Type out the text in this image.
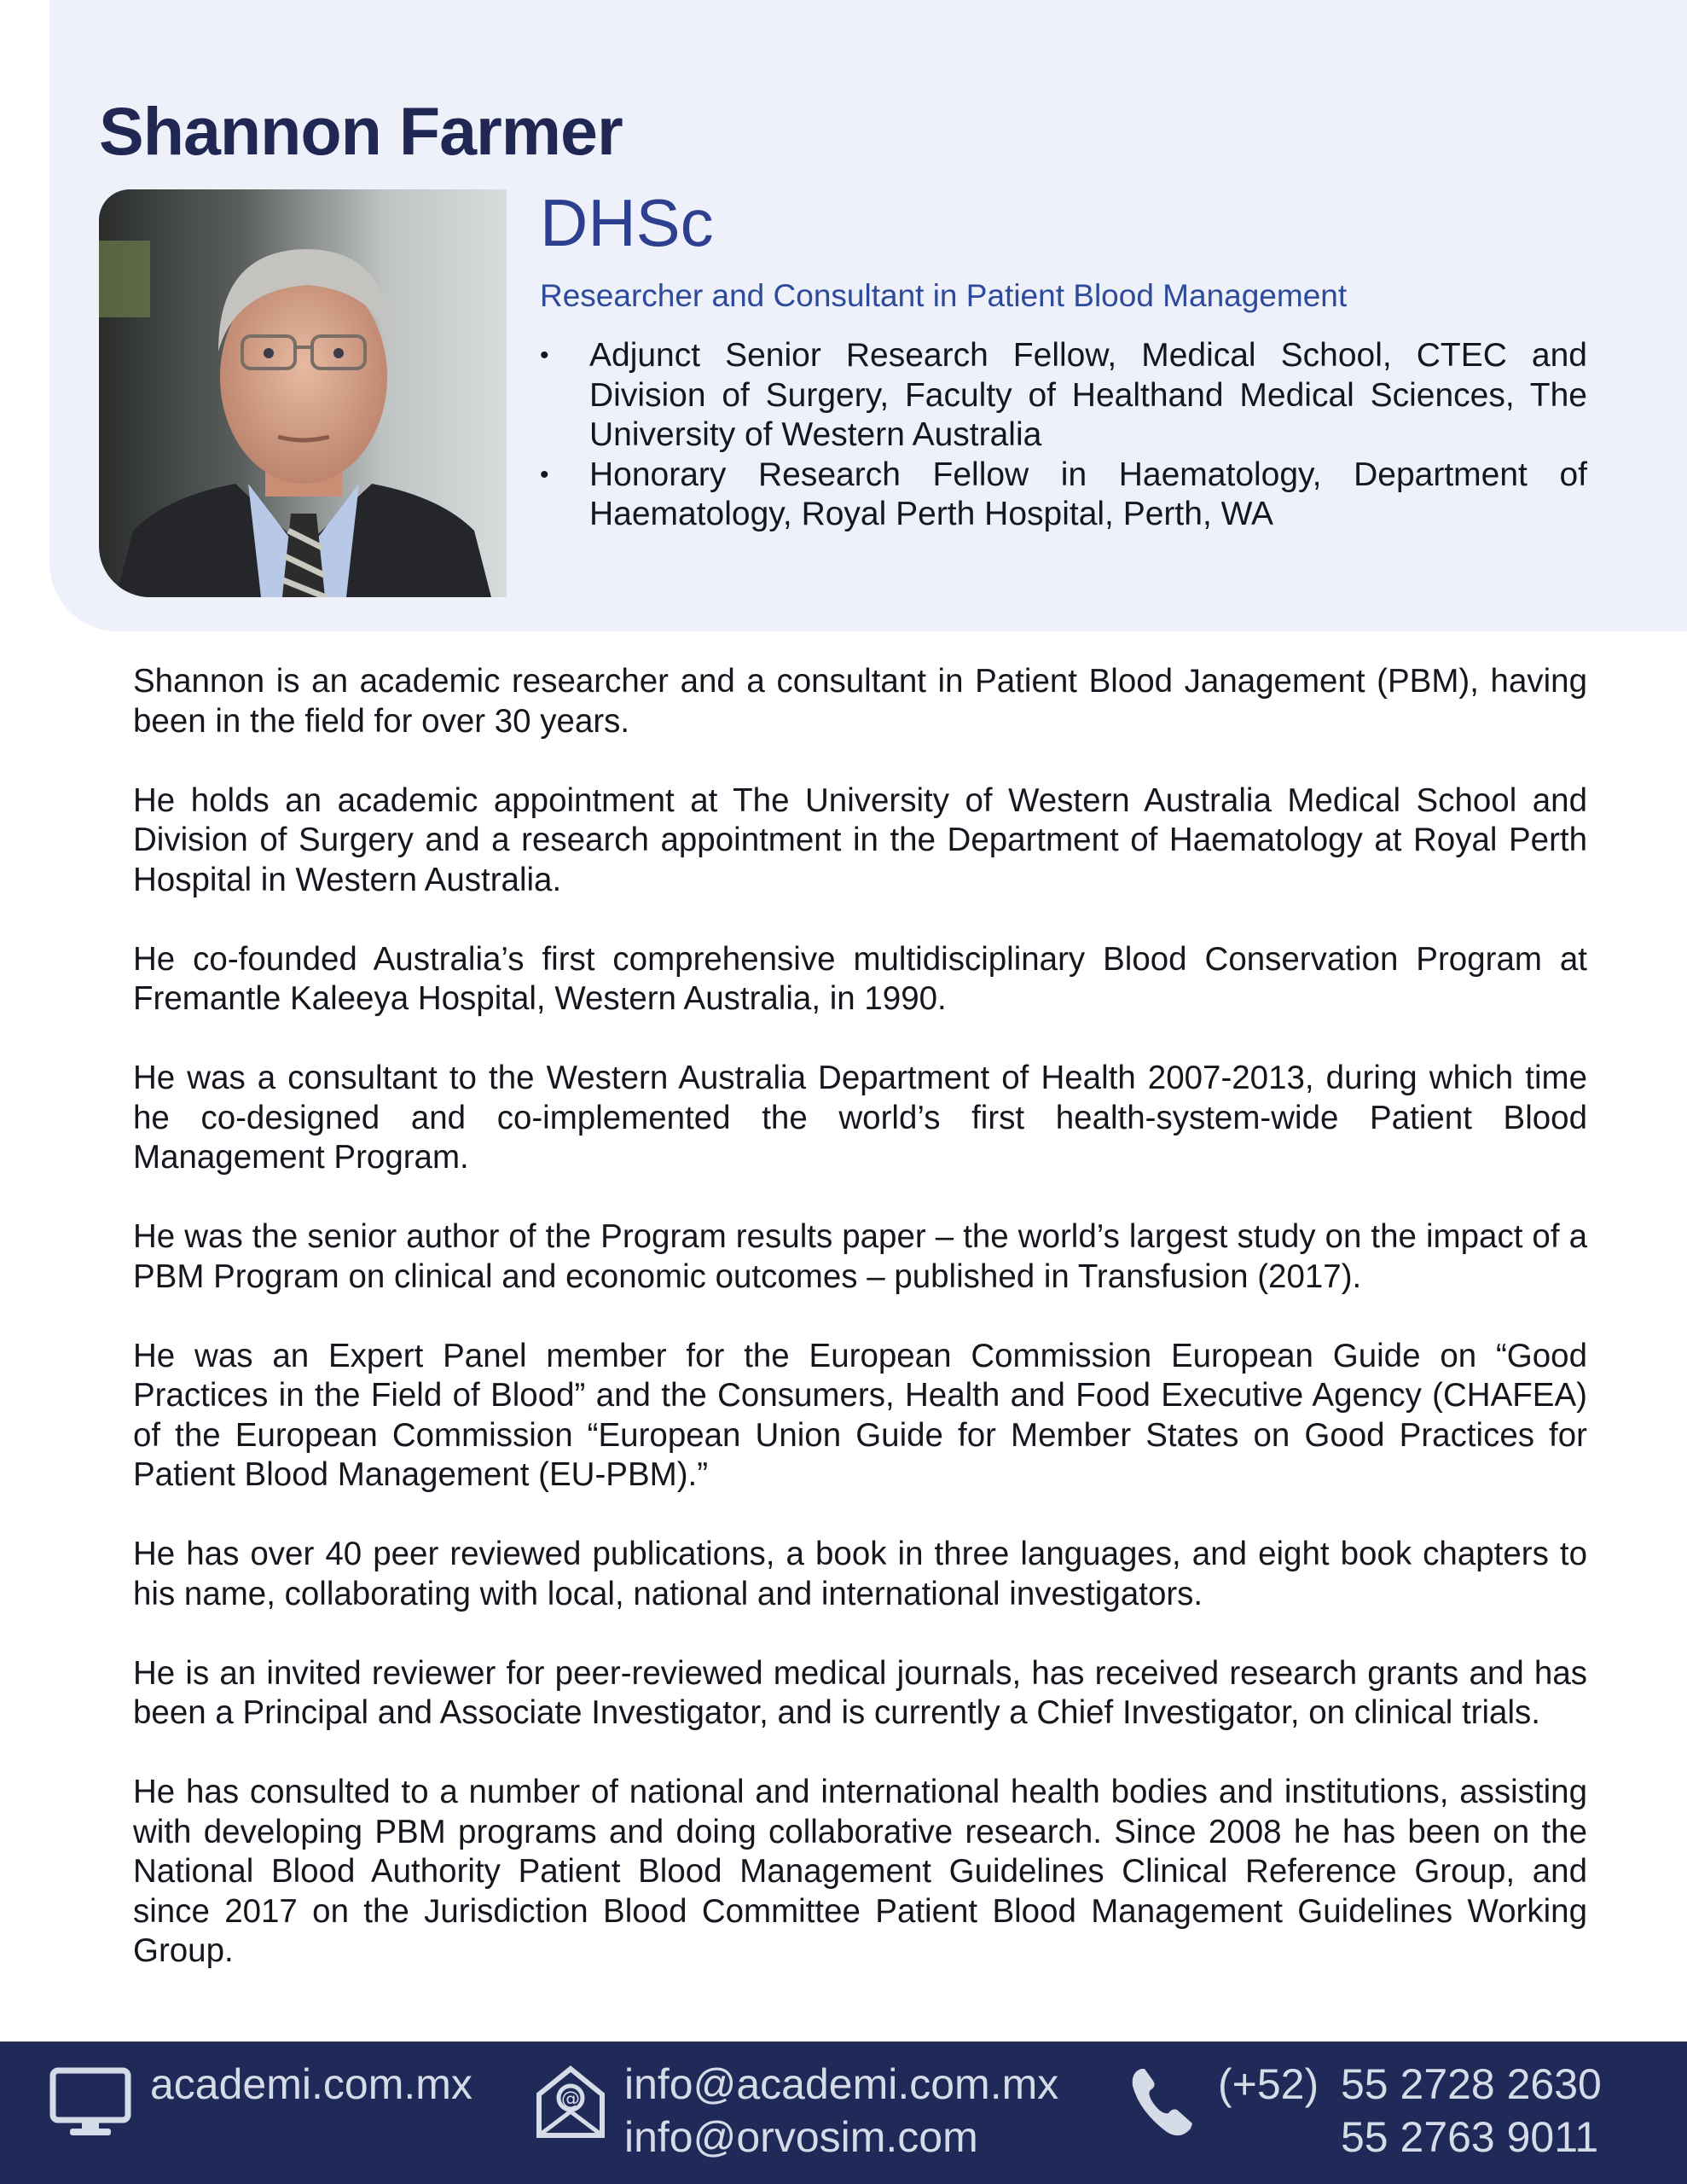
Shannon Farmer
DHSc

Researcher and Consultant in Patient Blood Management

• Adjunct Senior Research Fellow, Medical School, CTEC and Division of Surgery, Faculty of Healthand Medical Sciences, The University of Western Australia
• Honorary Research Fellow in Haematology, Department of Haematology, Royal Perth Hospital, Perth, WA

Shannon is an academic researcher and a consultant in Patient Blood Janagement (PBM), having been in the field for over 30 years.

He holds an academic appointment at The University of Western Australia Medical School and Division of Surgery and a research appointment in the Department of Haematology at Royal Perth Hospital in Western Australia.

He co-founded Australia’s first comprehensive multidisciplinary Blood Conservation Program at Fremantle Kaleeya Hospital, Western Australia, in 1990.

He was a consultant to the Western Australia Department of Health 2007-2013, during which time he co-designed and co-implemented the world’s first health-system-wide Patient Blood Management Program.

He was the senior author of the Program results paper – the world’s largest study on the impact of a PBM Program on clinical and economic outcomes – published in Transfusion (2017).

He was an Expert Panel member for the European Commission European Guide on “Good Practices in the Field of Blood” and the Consumers, Health and Food Executive Agency (CHAFEA) of the European Commission “European Union Guide for Member States on Good Practices for Patient Blood Management (EU-PBM).”

He has over 40 peer reviewed publications, a book in three languages, and eight book chapters to his name, collaborating with local, national and international investigators.

He is an invited reviewer for peer-reviewed medical journals, has received research grants and has been a Principal and Associate Investigator, and is currently a Chief Investigator, on clinical trials.

He has consulted to a number of national and international health bodies and institutions, assisting with developing PBM programs and doing collaborative research. Since 2008 he has been on the National Blood Authority Patient Blood Management Guidelines Clinical Reference Group, and since 2017 on the Jurisdiction Blood Committee Patient Blood Management Guidelines Working Group.

academi.com.mx	@ info@academi.com.mx
info@orvosim.com
(+52) 55 2728 2630
55 2763 9011
